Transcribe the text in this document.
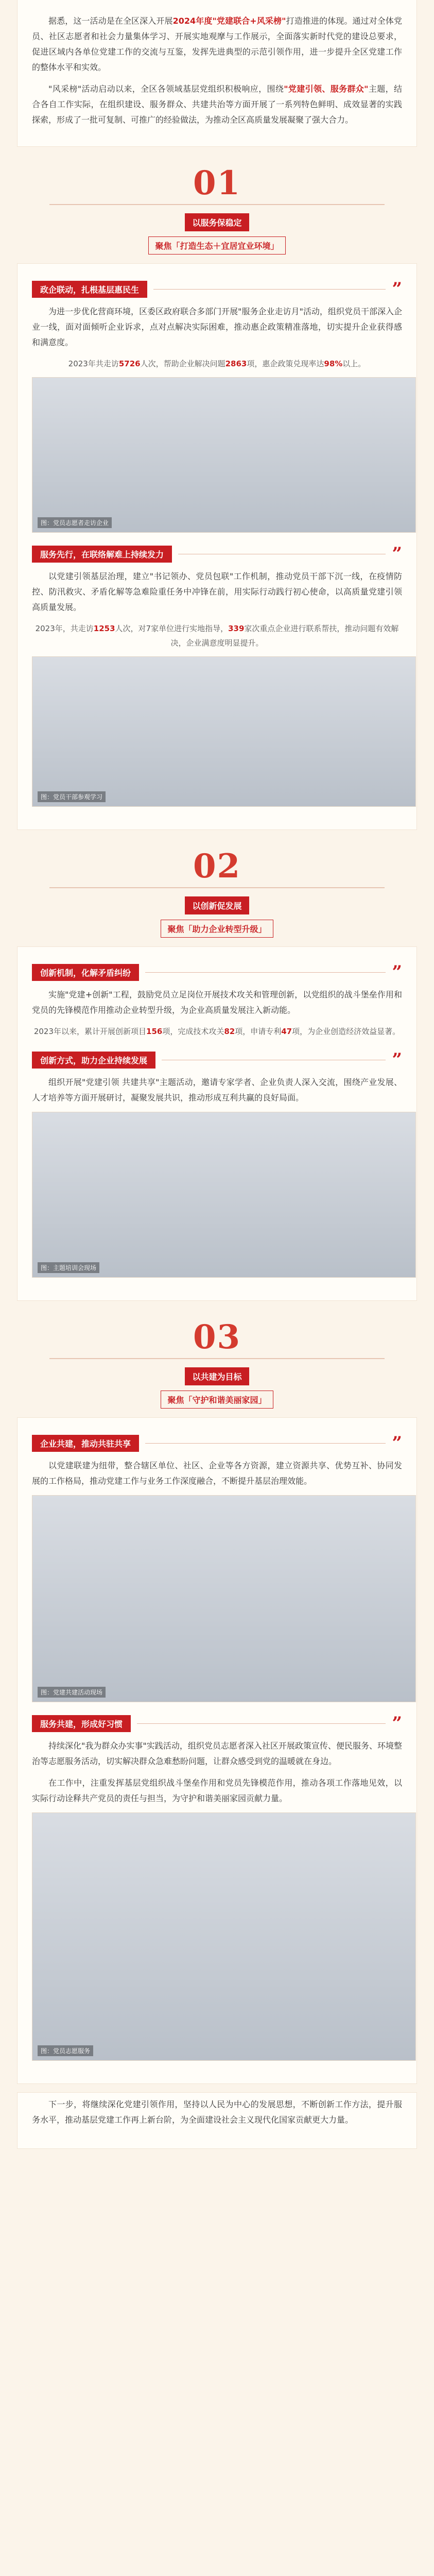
据悉，这一活动是在全区深入开展2024年度"党建联合+风采榜"打造推进的体现。通过对全体党员、社区志愿者和社会力量集体学习、开展实地观摩与工作展示，全面落实新时代党的建设总要求，促进区域内各单位党建工作的交流与互鉴，发挥先进典型的示范引领作用，进一步提升全区党建工作的整体水平和实效。

"风采榜"活动启动以来，全区各领域基层党组织积极响应，围绕"党建引领、服务群众"主题，结合各自工作实际，在组织建设、服务群众、共建共治等方面开展了一系列特色鲜明、成效显著的实践探索，形成了一批可复制、可推广的经验做法，为推动全区高质量发展凝聚了强大合力。

01
以服务保稳定
聚焦「打造生态＋宜居宜业环境」
政企联动，扎根基层惠民生	”

为进一步优化营商环境，区委区政府联合多部门开展"服务企业走访月"活动，组织党员干部深入企业一线，面对面倾听企业诉求，点对点解决实际困难，推动惠企政策精准落地，切实提升企业获得感和满意度。

2023年共走访5726人次，帮助企业解决问题2863项，惠企政策兑现率达98%以上。

图：党员志愿者走访企业
服务先行，在联络解难上持续发力	”

以党建引领基层治理，建立"书记领办、党员包联"工作机制，推动党员干部下沉一线，在疫情防控、防汛救灾、矛盾化解等急难险重任务中冲锋在前，用实际行动践行初心使命，以高质量党建引领高质量发展。

2023年，共走访1253人次，对7家单位进行实地指导，339家次重点企业进行联系帮扶，推动问题有效解决，企业满意度明显提升。

图：党员干部参观学习
02
以创新促发展
聚焦「助力企业转型升级」
创新机制，化解矛盾纠纷	”

实施"党建+创新"工程，鼓励党员立足岗位开展技术攻关和管理创新，以党组织的战斗堡垒作用和党员的先锋模范作用推动企业转型升级，为企业高质量发展注入新动能。

2023年以来，累计开展创新项目156项，完成技术攻关82项，申请专利47项，为企业创造经济效益显著。

创新方式，助力企业持续发展	”

组织开展"党建引领 共建共享"主题活动，邀请专家学者、企业负责人深入交流，围绕产业发展、人才培养等方面开展研讨，凝聚发展共识，推动形成互利共赢的良好局面。

图：主题培训会现场
03
以共建为目标
聚焦「守护和谐美丽家园」
企业共建，推动共驻共享	”

以党建联建为纽带，整合辖区单位、社区、企业等各方资源，建立资源共享、优势互补、协同发展的工作格局，推动党建工作与业务工作深度融合，不断提升基层治理效能。

图：党建共建活动现场
服务共建，形成好习惯	”

持续深化"我为群众办实事"实践活动，组织党员志愿者深入社区开展政策宣传、便民服务、环境整治等志愿服务活动，切实解决群众急难愁盼问题，让群众感受到党的温暖就在身边。

在工作中，注重发挥基层党组织战斗堡垒作用和党员先锋模范作用，推动各项工作落地见效，以实际行动诠释共产党员的责任与担当，为守护和谐美丽家园贡献力量。

图：党员志愿服务

下一步，将继续深化党建引领作用，坚持以人民为中心的发展思想，不断创新工作方法，提升服务水平，推动基层党建工作再上新台阶，为全面建设社会主义现代化国家贡献更大力量。
